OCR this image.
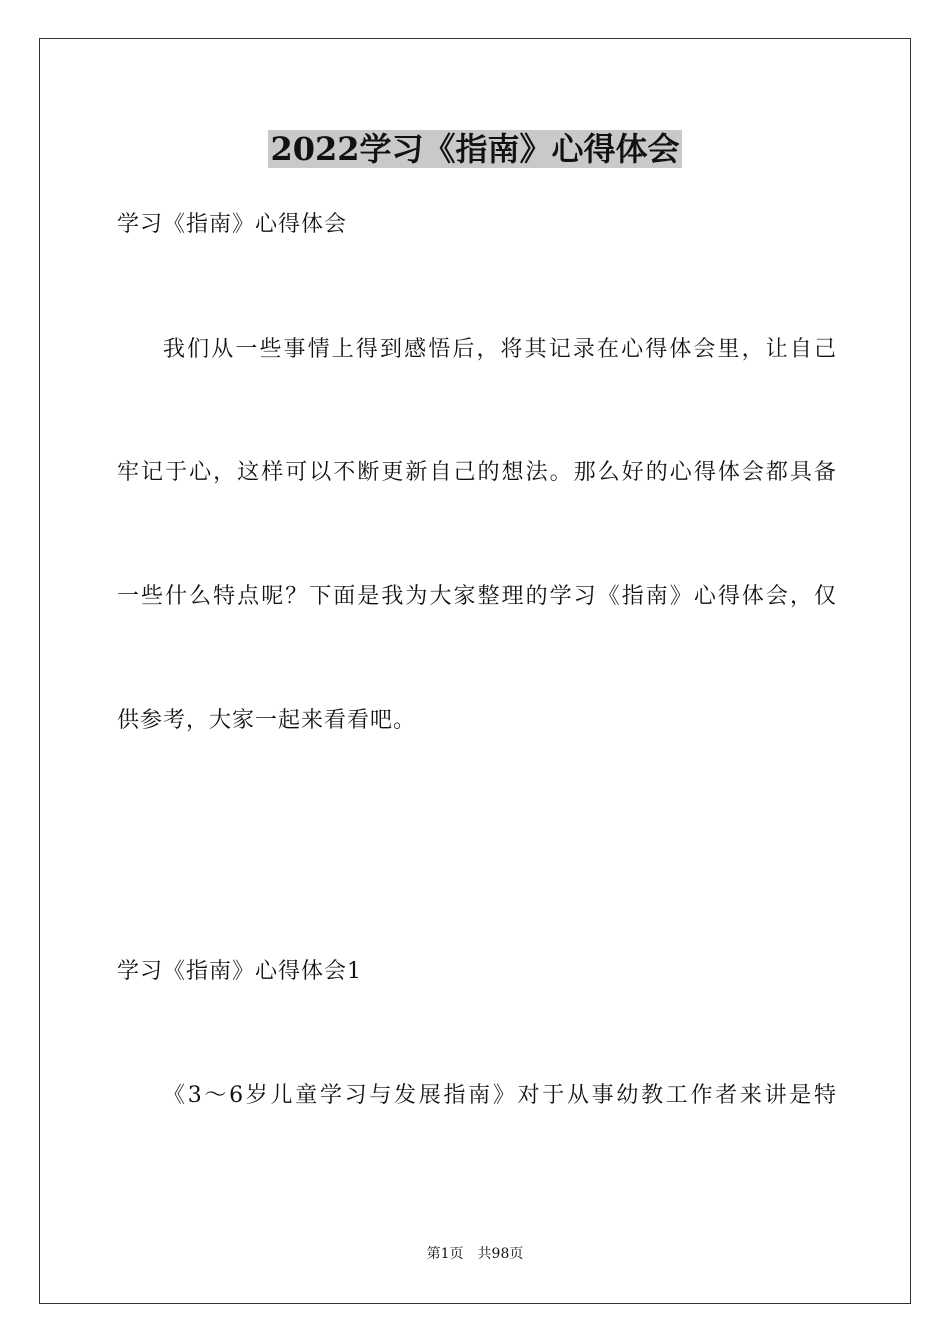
2022学习《指南》心得体会
学习《指南》心得体会
我们从一些事情上得到感悟后，将其记录在心得体会里，让自己
牢记于心，这样可以不断更新自己的想法。那么好的心得体会都具备
一些什么特点呢？下面是我为大家整理的学习《指南》心得体会，仅
供参考，大家一起来看看吧。
学习《指南》心得体会1
《3～6岁儿童学习与发展指南》对于从事幼教工作者来讲是特
第1页 共98页
